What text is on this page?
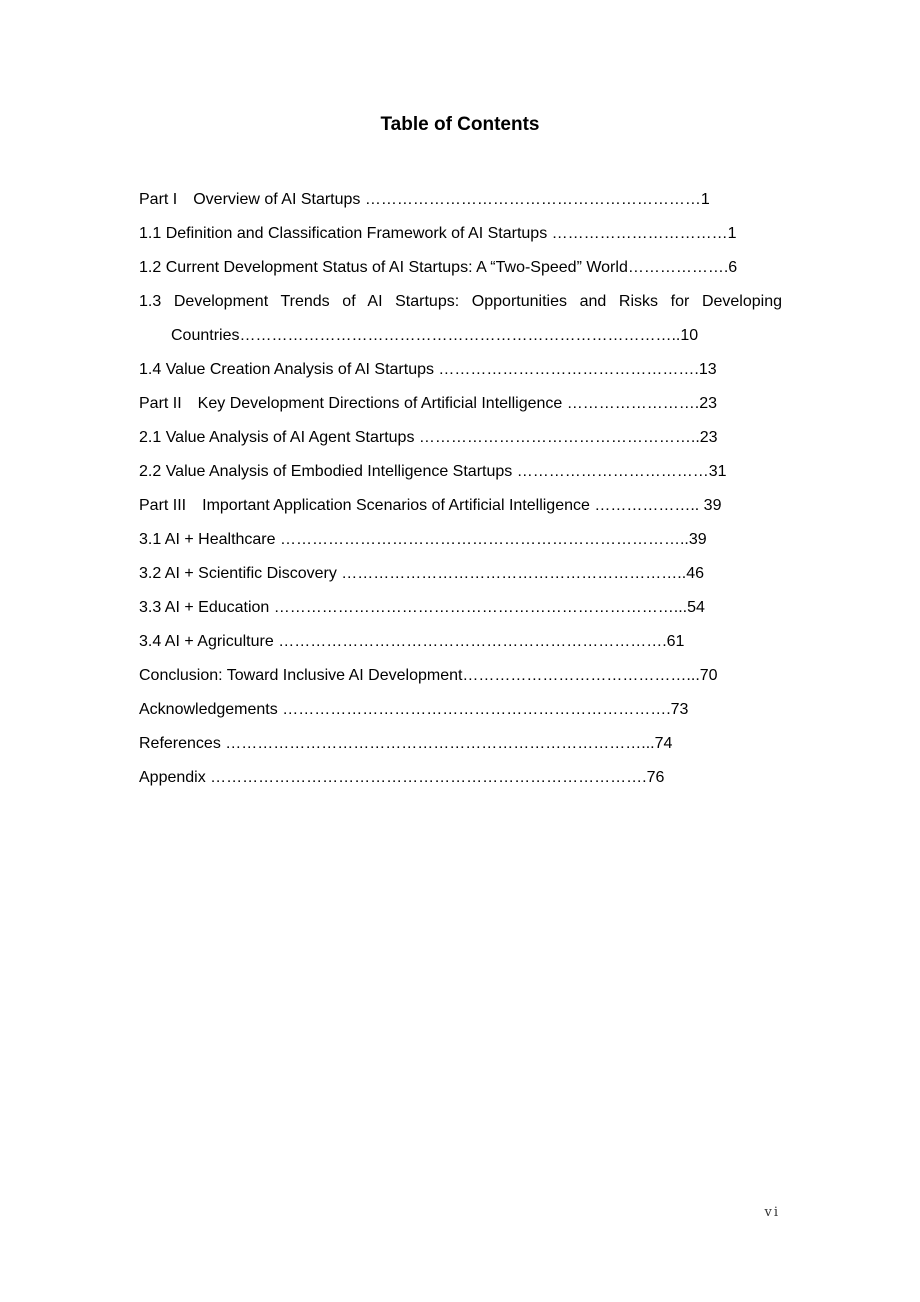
Table of Contents
Part I　Overview of AI Startups ………………………………………………………1
1.1 Definition and Classification Framework of AI Startups ……………………………1
1.2 Current Development Status of AI Startups: A “Two-Speed” World……………….6
1.3 Development Trends of AI Startups: Opportunities and Risks for Developing
Countries………………………………………………………………………..10
1.4 Value Creation Analysis of AI Startups ………………………………………….13
Part II　Key Development Directions of Artificial Intelligence …………………….23
2.1 Value Analysis of AI Agent Startups ……………………………………………..23
2.2 Value Analysis of Embodied Intelligence Startups ………………………………31
Part III　Important Application Scenarios of Artificial Intelligence ……………….. 39
3.1 AI + Healthcare …………………………………………………………………..39
3.2 AI + Scientific Discovery ………………………………………………………..46
3.3 AI + Education …………………………………………………………………...54
3.4 AI + Agriculture ……………………………………………………………….61
Conclusion: Toward Inclusive AI Development……………………………………...70
Acknowledgements ……………………………………………………………….73
References ……………………………………………………………………...74
Appendix ……………………………………………………………………….76
vi
